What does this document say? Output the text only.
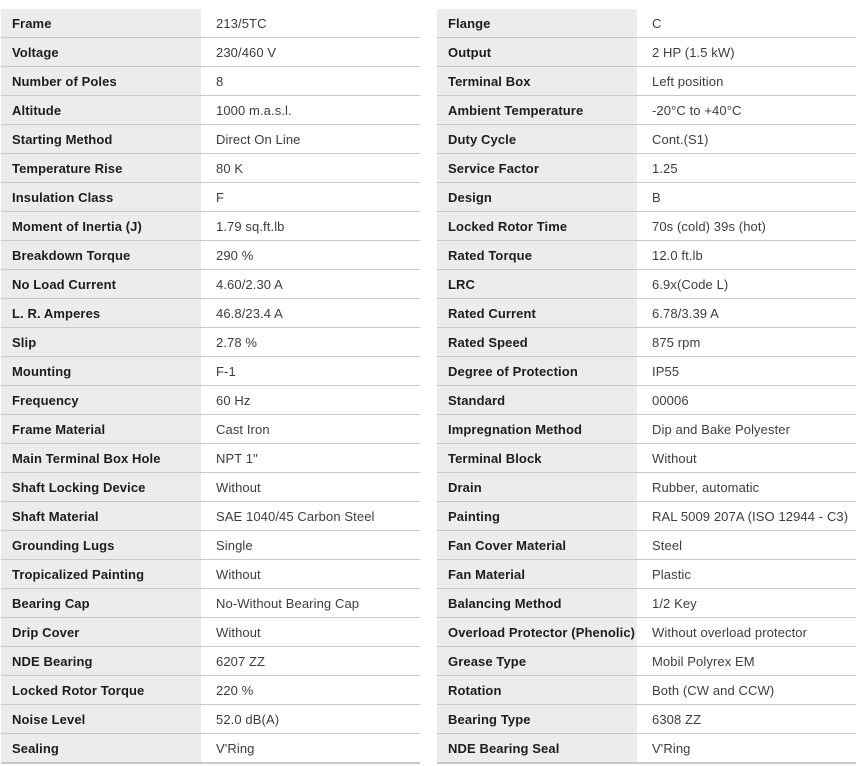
Frame	213/5TC
Voltage	230/460 V
Number of Poles	8
Altitude	1000 m.a.s.l.
Starting Method	Direct On Line
Temperature Rise	80 K
Insulation Class	F
Moment of Inertia (J)	1.79 sq.ft.lb
Breakdown Torque	290 %
No Load Current	4.60/2.30 A
L. R. Amperes	46.8/23.4 A
Slip	2.78 %
Mounting	F-1
Frequency	60 Hz
Frame Material	Cast Iron
Main Terminal Box Hole	NPT 1"
Shaft Locking Device	Without
Shaft Material	SAE 1040/45 Carbon Steel
Grounding Lugs	Single
Tropicalized Painting	Without
Bearing Cap	No-Without Bearing Cap
Drip Cover	Without
NDE Bearing	6207 ZZ
Locked Rotor Torque	220 %
Noise Level	52.0 dB(A)
Sealing	V'Ring
Flange	C
Output	2 HP (1.5 kW)
Terminal Box	Left position
Ambient Temperature	-20°C to +40°C
Duty Cycle	Cont.(S1)
Service Factor	1.25
Design	B
Locked Rotor Time	70s (cold) 39s (hot)
Rated Torque	12.0 ft.lb
LRC	6.9x(Code L)
Rated Current	6.78/3.39 A
Rated Speed	875 rpm
Degree of Protection	IP55
Standard	00006
Impregnation Method	Dip and Bake Polyester
Terminal Block	Without
Drain	Rubber, automatic
Painting	RAL 5009 207A (ISO 12944 - C3)
Fan Cover Material	Steel
Fan Material	Plastic
Balancing Method	1/2 Key
Overload Protector (Phenolic)	Without overload protector
Grease Type	Mobil Polyrex EM
Rotation	Both (CW and CCW)
Bearing Type	6308 ZZ
NDE Bearing Seal	V'Ring
